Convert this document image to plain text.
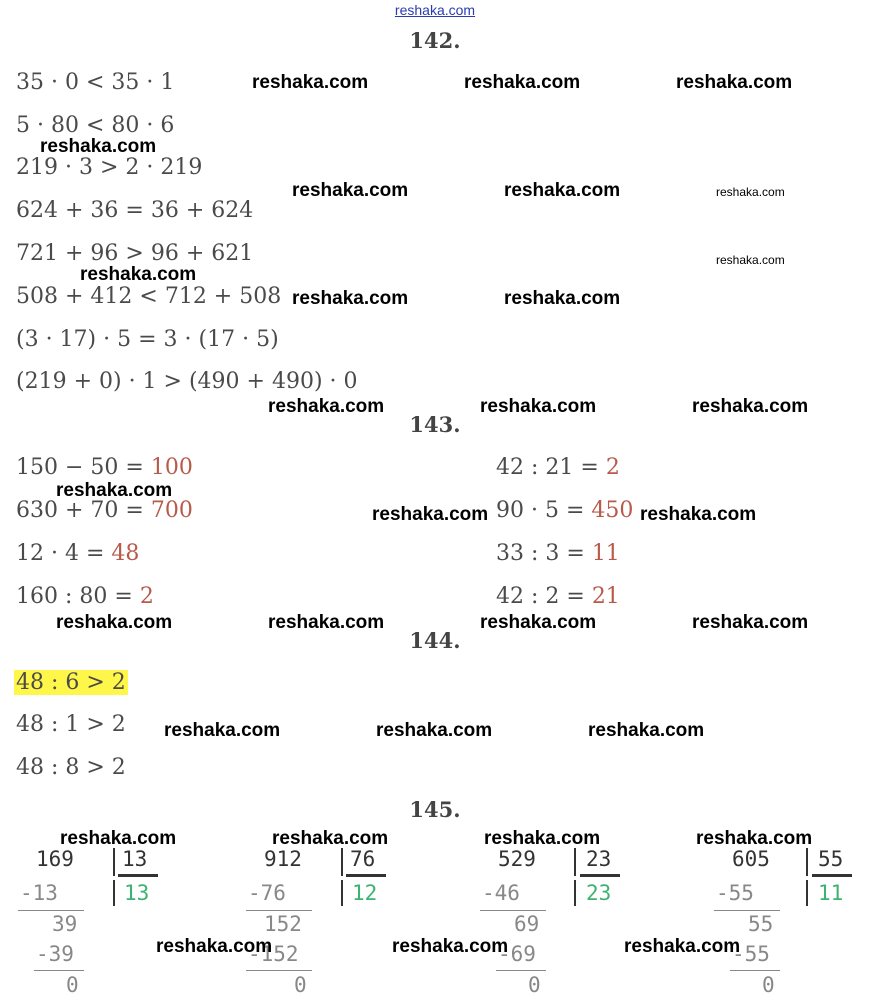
reshaka.com
142.
35 · 0 < 35 · 1
5 · 80 < 80 · 6
219 · 3 > 2 · 219
624 + 36 = 36 + 624
721 + 96 > 96 + 621
508 + 412 < 712 + 508
(3 · 17) · 5 = 3 · (17 · 5)
(219 + 0) · 1 > (490 + 490) · 0
143.
150 − 50 = 100
630 + 70 = 700
12 · 4 = 48
160 : 80 = 2
42 : 21 = 2
90 · 5 = 450
33 : 3 = 11
42 : 2 = 21
144.
48 : 6 > 2
48 : 1 > 2
48 : 8 > 2
145.
169 13
-13	13
39
-39
0
912 76
-76	12
152
-152
0
529 23
-46	23
69
-69
0
605 55
-55	11
55
-55
0
reshaka.com	reshaka.com	reshaka.com
reshaka.com
reshaka.com	reshaka.com	reshaka.com
reshaka.com
reshaka.com
reshaka.com	reshaka.com
reshaka.com	reshaka.com	reshaka.com
reshaka.com
reshaka.com	reshaka.com
reshaka.com	reshaka.com	reshaka.com	reshaka.com
reshaka.com	reshaka.com	reshaka.com
reshaka.com	reshaka.com	reshaka.com	reshaka.com
reshaka.com	reshaka.com	reshaka.com
